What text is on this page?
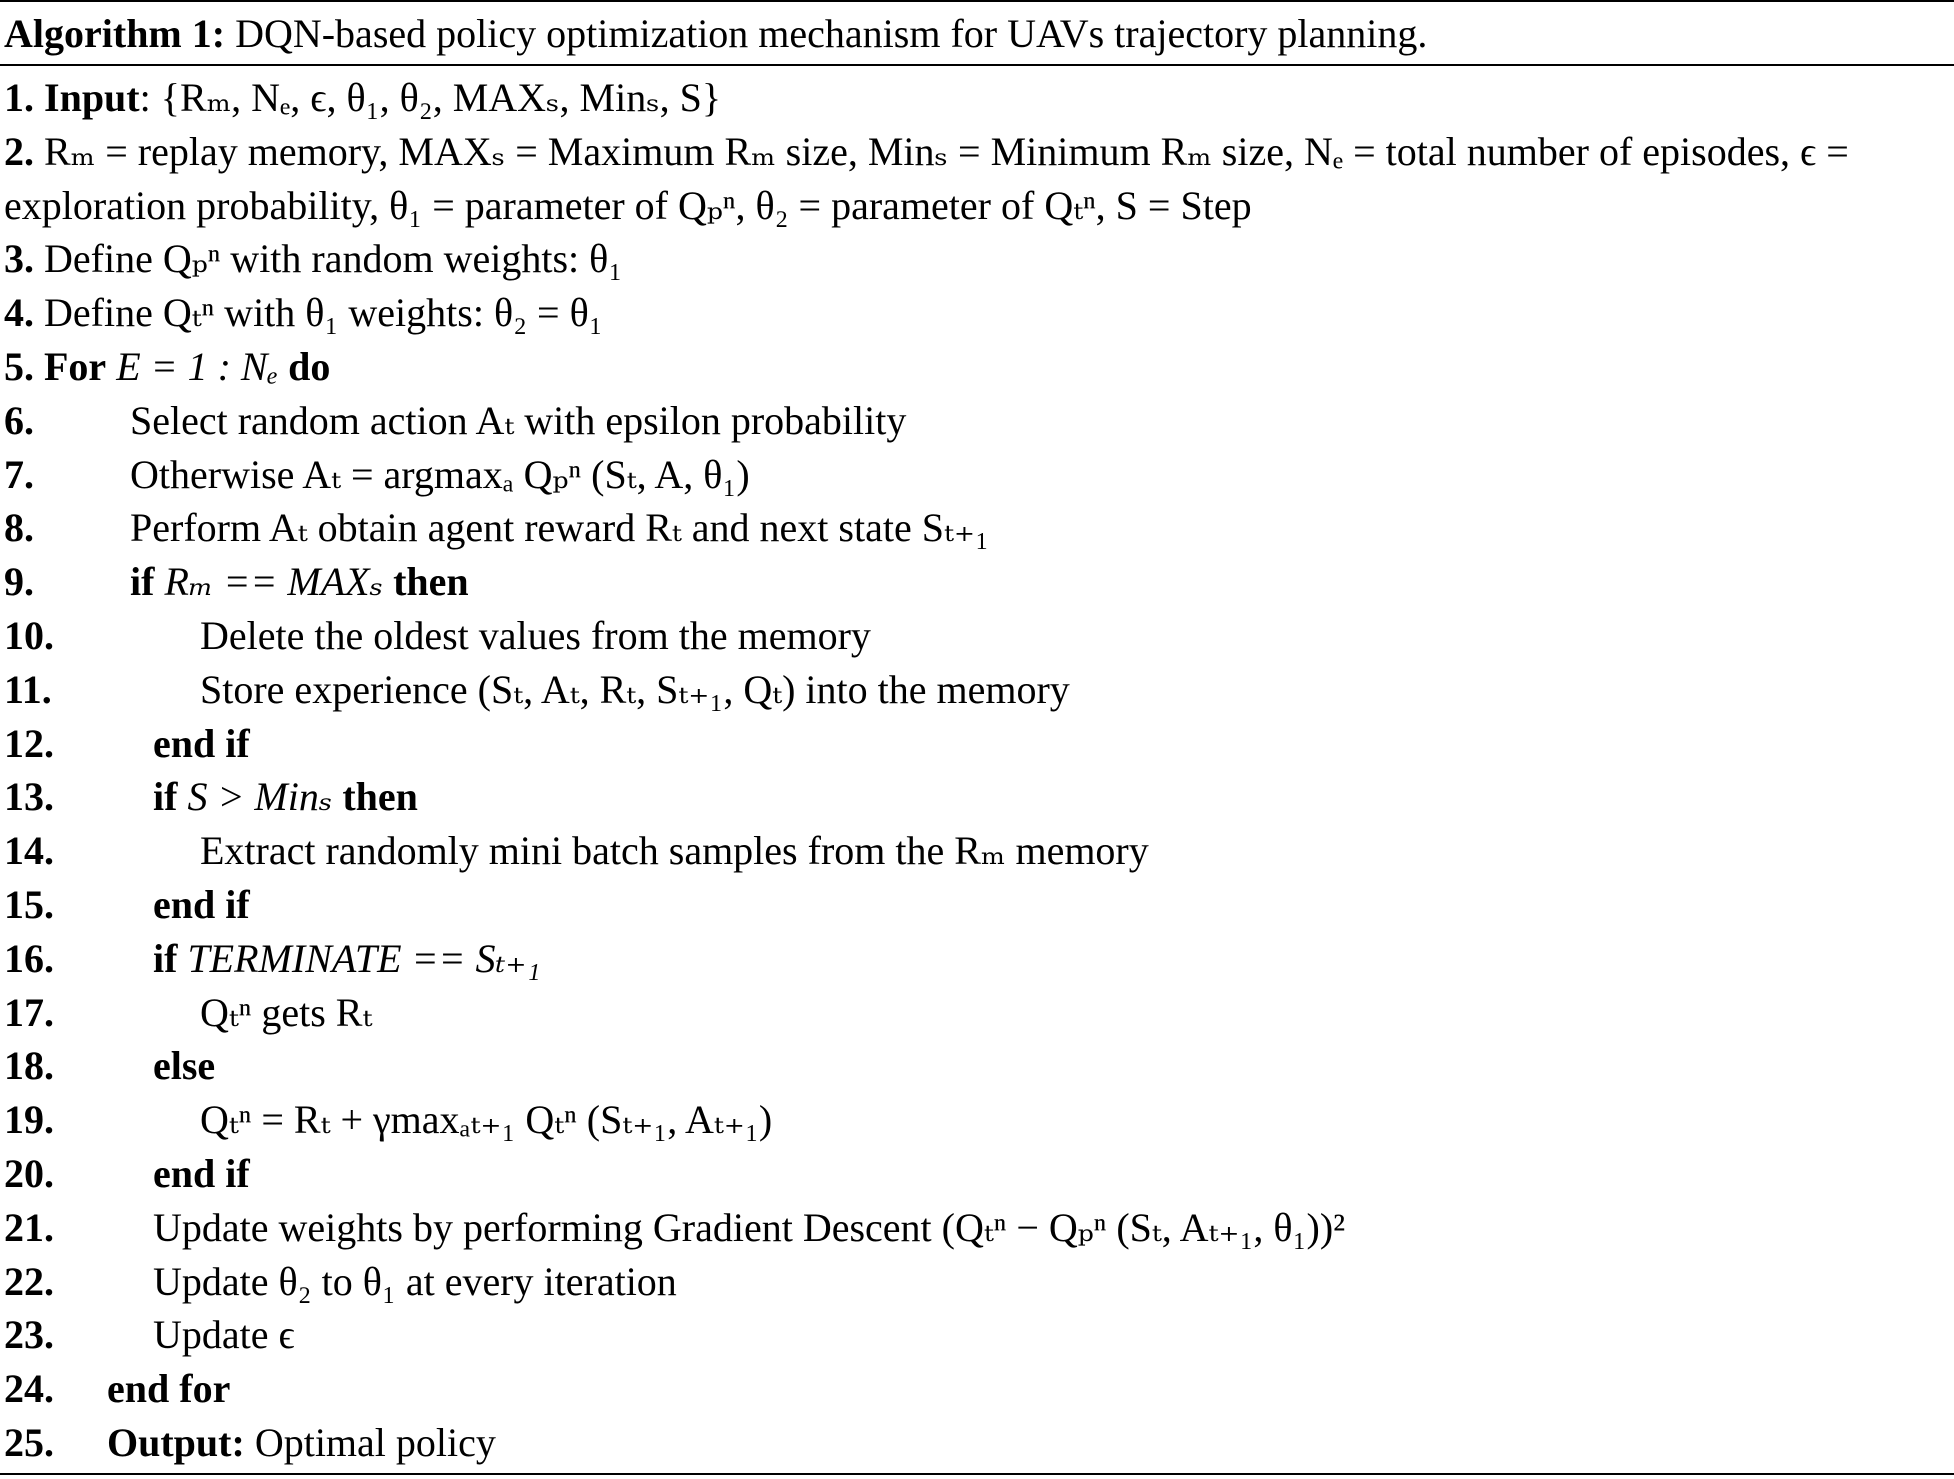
Algorithm 1: DQN-based policy optimization mechanism for UAVs trajectory planning.
1. Input: {Rₘ, Nₑ, ϵ, θ₁, θ₂, MAXₛ, Minₛ, S}
2. Rₘ = replay memory, MAXₛ = Maximum Rₘ size, Minₛ = Minimum Rₘ size, Nₑ = total number of episodes, ϵ = exploration probability, θ₁ = parameter of Qₚⁿ, θ₂ = parameter of Qₜⁿ, S = Step
3. Define Qₚⁿ with random weights: θ₁
4. Define Qₜⁿ with θ₁ weights: θ₂ = θ₁
5. For E = 1 : Nₑ do
6. Select random action Aₜ with epsilon probability
7. Otherwise Aₜ = argmaxₐ Qₚⁿ (Sₜ, A, θ₁)
8. Perform Aₜ obtain agent reward Rₜ and next state Sₜ₊₁
9. if Rₘ == MAXₛ then
10.	Delete the oldest values from the memory
11.	Store experience (Sₜ, Aₜ, Rₜ, Sₜ₊₁, Qₜ) into the memory
12. end if
13. if S > Minₛ then
14.	Extract randomly mini batch samples from the Rₘ memory
15. end if
16. if TERMINATE == Sₜ₊₁
17.	Qₜⁿ gets Rₜ
18. else
19.	Qₜⁿ = Rₜ + γmaxₐₜ₊₁ Qₜⁿ (Sₜ₊₁, Aₜ₊₁)
20. end if
21. Update weights by performing Gradient Descent (Qₜⁿ − Qₚⁿ (Sₜ, Aₜ₊₁, θ₁))²
22. Update θ₂ to θ₁ at every iteration
23. Update ϵ
24. end for
25. Output: Optimal policy
